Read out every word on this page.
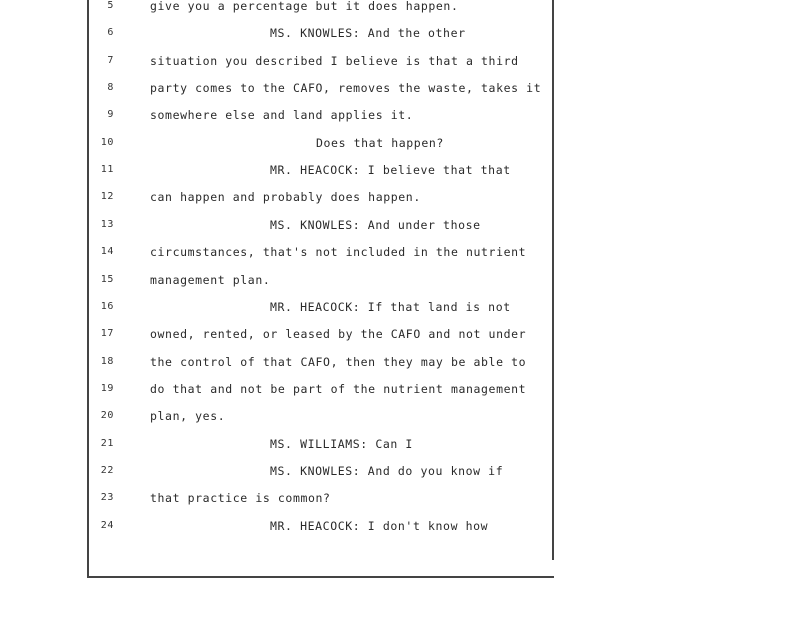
5	give you a percentage but it does happen.
6	MS. KNOWLES: And the other
7	situation you described I believe is that a third
8	party comes to the CAFO, removes the waste, takes it
9	somewhere else and land applies it.
10	Does that happen?
11	MR. HEACOCK: I believe that that
12	can happen and probably does happen.
13	MS. KNOWLES: And under those
14	circumstances, that's not included in the nutrient
15	management plan.
16	MR. HEACOCK: If that land is not
17	owned, rented, or leased by the CAFO and not under
18	the control of that CAFO, then they may be able to
19	do that and not be part of the nutrient management
20	plan, yes.
21	MS. WILLIAMS: Can I
22	MS. KNOWLES: And do you know if
23	that practice is common?
24	MR. HEACOCK: I don't know how
